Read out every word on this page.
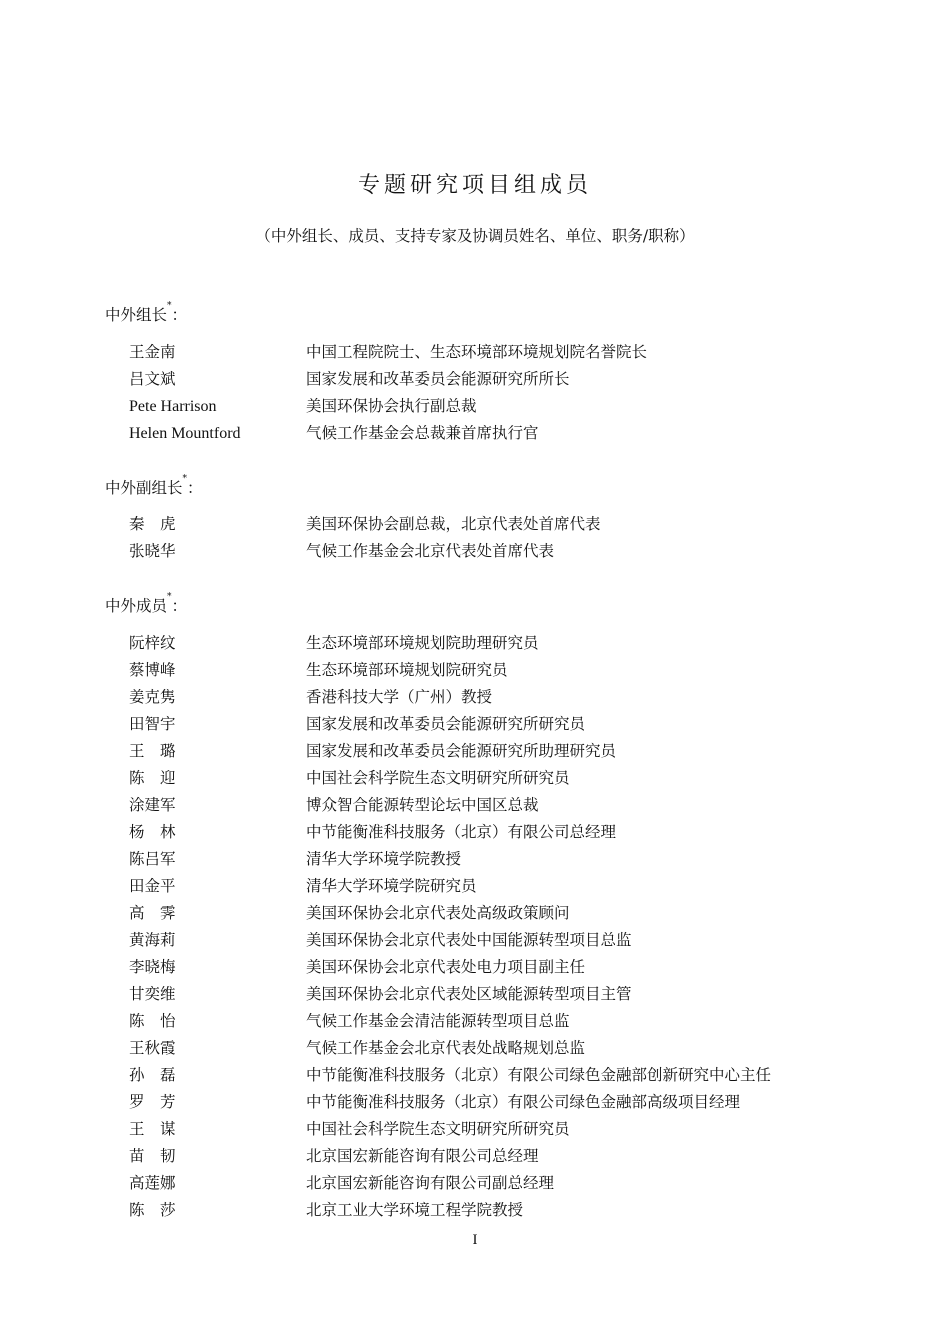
专题研究项目组成员

（中外组长、成员、支持专家及协调员姓名、单位、职务/职称）

中外组长*：
王金南	中国工程院院士、生态环境部环境规划院名誉院长
吕文斌	国家发展和改革委员会能源研究所所长
Pete Harrison	美国环保协会执行副总裁
Helen Mountford	气候工作基金会总裁兼首席执行官
中外副组长*：
秦　虎	美国环保协会副总裁，北京代表处首席代表
张晓华	气候工作基金会北京代表处首席代表
中外成员*：
阮梓纹	生态环境部环境规划院助理研究员
蔡博峰	生态环境部环境规划院研究员
姜克隽	香港科技大学（广州）教授
田智宇	国家发展和改革委员会能源研究所研究员
王　璐	国家发展和改革委员会能源研究所助理研究员
陈　迎	中国社会科学院生态文明研究所研究员
涂建军	博众智合能源转型论坛中国区总裁
杨　林	中节能衡准科技服务（北京）有限公司总经理
陈吕军	清华大学环境学院教授
田金平	清华大学环境学院研究员
高　霁	美国环保协会北京代表处高级政策顾问
黄海莉	美国环保协会北京代表处中国能源转型项目总监
李晓梅	美国环保协会北京代表处电力项目副主任
甘奕维	美国环保协会北京代表处区域能源转型项目主管
陈　怡	气候工作基金会清洁能源转型项目总监
王秋霞	气候工作基金会北京代表处战略规划总监
孙　磊	中节能衡准科技服务（北京）有限公司绿色金融部创新研究中心主任
罗　芳	中节能衡准科技服务（北京）有限公司绿色金融部高级项目经理
王　谋	中国社会科学院生态文明研究所研究员
苗　韧	北京国宏新能咨询有限公司总经理
高莲娜	北京国宏新能咨询有限公司副总经理
陈　莎	北京工业大学环境工程学院教授
I
